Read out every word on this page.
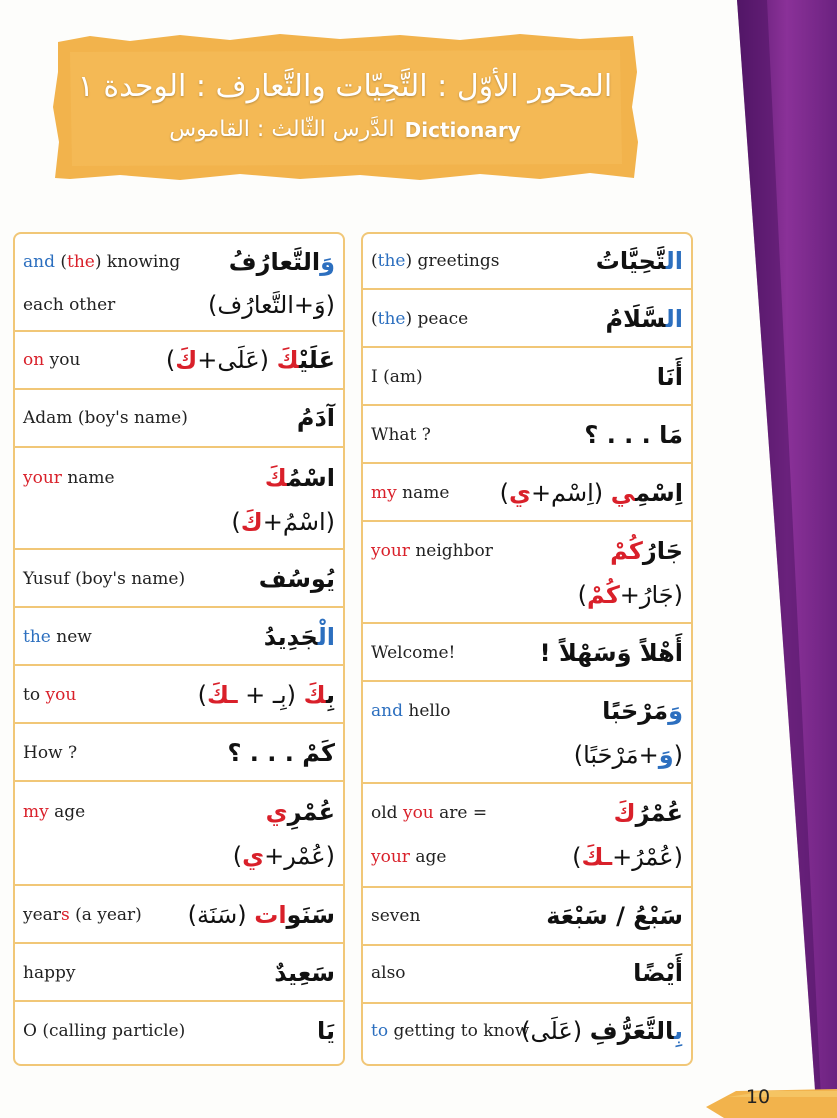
المحور الأوّل : التَّحِيّات والتَّعارف : الوحدة ١
الدَّرس الثّالث : القاموس Dictionary
and (the) knowing	وَالتَّعارُفُ
each other	(وَ+التَّعارُف)
on you	عَلَيْكَ (عَلَى+كَ)
Adam (boy's name)	آدَمُ
your name	اسْمُكَ
(اسْمُ+كَ)
Yusuf (boy's name)	يُوسُف
the new	الْجَدِيدُ
to you	بِكَ (بِـ + ـكَ)
How ?	كَمْ . . . ؟
my age	عُمْرِي
(عُمْر+ي)
years (a year)	سَنَوات (سَنَة)
happy	سَعِيدٌ
O (calling particle)	يَا
(the) greetings	التَّحِيَّاتُ
(the) peace	السَّلَامُ
I (am)	أَنَا
What ?	مَا . . . ؟
my name	اِسْمِي (اِسْم+ي)
your neighbor	جَارُكُمْ
(جَارُ+كُمْ)
Welcome!	أَهْلاً وَسَهْلاً !
and hello	وَمَرْحَبًا
(وَ+مَرْحَبًا)
old you are =	عُمْرُكَ
your age	(عُمْرُ+ـكَ)
seven	سَبْعُ / سَبْعَة
also	أَيْضًا
to getting to know	بِالتَّعَرُّفِ (عَلَى)
10
